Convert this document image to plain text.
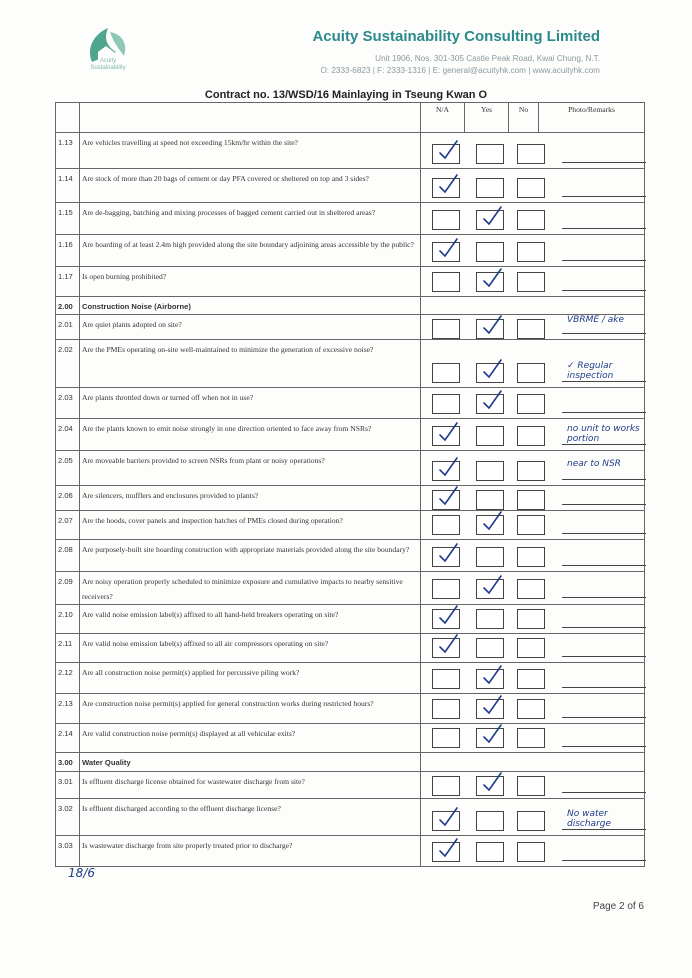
Acuity
Sustainability
Acuity Sustainability Consulting Limited
Unit 1906, Nos. 301-305 Castle Peak Road, Kwai Chung, N.T.
O: 2333-6823 | F: 2333-1316 | E: general@acuityhk.com | www.acuityhk.com
Contract no. 13/WSD/16 Mainlaying in Tseung Kwan O
		N/A	Yes	No	Photo/Remarks
1.13	Are vehicles travelling at speed not exceeding 15km/hr within the site?	

1.14	Are stock of more than 20 bags of cement or day PFA covered or sheltered on top and 3 sides?	

1.15	Are de-bagging, batching and mixing processes of bagged cement carried out in sheltered areas?	

1.16	Are hoarding of at least 2.4m high provided along the site boundary adjoining areas accessible by the public?	

1.17	Is open burning prohibited?	

2.00	Construction Noise (Airborne)				
2.01	Are quiet plants adopted on site?	VBRME / ake			

2.02	Are the PMEs operating on-site well-maintained to minimize the generation of excessive noise?	✓ Regular inspection			

2.03	Are plants throttled down or turned off when not in use?	

2.04	Are the plants known to emit noise strongly in one direction oriented to face away from NSRs?	no unit to works portion			

2.05	Are moveable barriers provided to screen NSRs from plant or noisy operations?	near to NSR			

2.06	Are silencers, mufflers and enclosures provided to plants?	

2.07	Are the hoods, cover panels and inspection hatches of PMEs closed during operation?	

2.08	Are purposely-built site hoarding construction with appropriate materials provided along the site boundary?	

2.09	Are noisy operation properly scheduled to minimize exposure and cumulative impacts to nearby sensitive receivers?	

2.10	Are valid noise emission label(s) affixed to all hand-held breakers operating on site?	

2.11	Are valid noise emission label(s) affixed to all air compressors operating on site?	

2.12	Are all construction noise permit(s) applied for percussive piling work?	

2.13	Are construction noise permit(s) applied for general construction works during restricted hours?	

2.14	Are valid construction noise permit(s) displayed at all vehicular exits?	

3.00	Water Quality				
3.01	Is effluent discharge license obtained for wastewater discharge from site?	

3.02	Is effluent discharged according to the effluent discharge license?	No water discharge			

3.03	Is wastewater discharge from site properly treated prior to discharge?	
18/6
Page 2 of 6
